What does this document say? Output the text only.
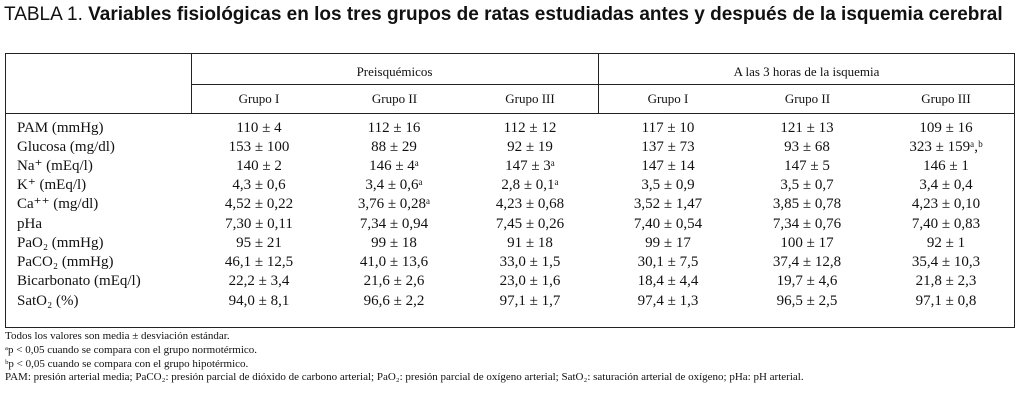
TABLA 1. Variables fisiológicas en los tres grupos de ratas estudiadas antes y después de la isquemia cerebral
Preisquémicos	A las 3 horas de la isquemia
Grupo I	Grupo II	Grupo III	Grupo I	Grupo II	Grupo III
PAM (mmHg)	110 ± 4	112 ± 16	112 ± 12	117 ± 10	121 ± 13	109 ± 16
Glucosa (mg/dl)	153 ± 100	88 ± 29	92 ± 19	137 ± 73	93 ± 68	323 ± 159ᵃ,ᵇ
Na⁺ (mEq/l)	140 ± 2	146 ± 4ᵃ	147 ± 3ᵃ	147 ± 14	147 ± 5	146 ± 1
K⁺ (mEq/l)	4,3 ± 0,6	3,4 ± 0,6ᵃ	2,8 ± 0,1ᵃ	3,5 ± 0,9	3,5 ± 0,7	3,4 ± 0,4
Ca⁺⁺ (mg/dl)	4,52 ± 0,22	3,76 ± 0,28ᵃ	4,23 ± 0,68	3,52 ± 1,47	3,85 ± 0,78	4,23 ± 0,10
pHa	7,30 ± 0,11	7,34 ± 0,94	7,45 ± 0,26	7,40 ± 0,54	7,34 ± 0,76	7,40 ± 0,83
PaO₂ (mmHg)	95 ± 21	99 ± 18	91 ± 18	99 ± 17	100 ± 17	92 ± 1
PaCO₂ (mmHg)	46,1 ± 12,5	41,0 ± 13,6	33,0 ± 1,5	30,1 ± 7,5	37,4 ± 12,8	35,4 ± 10,3
Bicarbonato (mEq/l)	22,2 ± 3,4	21,6 ± 2,6	23,0 ± 1,6	18,4 ± 4,4	19,7 ± 4,6	21,8 ± 2,3
SatO₂ (%)	94,0 ± 8,1	96,6 ± 2,2	97,1 ± 1,7	97,4 ± 1,3	96,5 ± 2,5	97,1 ± 0,8
Todos los valores son media ± desviación estándar.
ᵃp < 0,05 cuando se compara con el grupo normotérmico.
ᵇp < 0,05 cuando se compara con el grupo hipotérmico.
PAM: presión arterial media; PaCO₂: presión parcial de dióxido de carbono arterial; PaO₂: presión parcial de oxígeno arterial; SatO₂: saturación arterial de oxígeno; pHa: pH arterial.
